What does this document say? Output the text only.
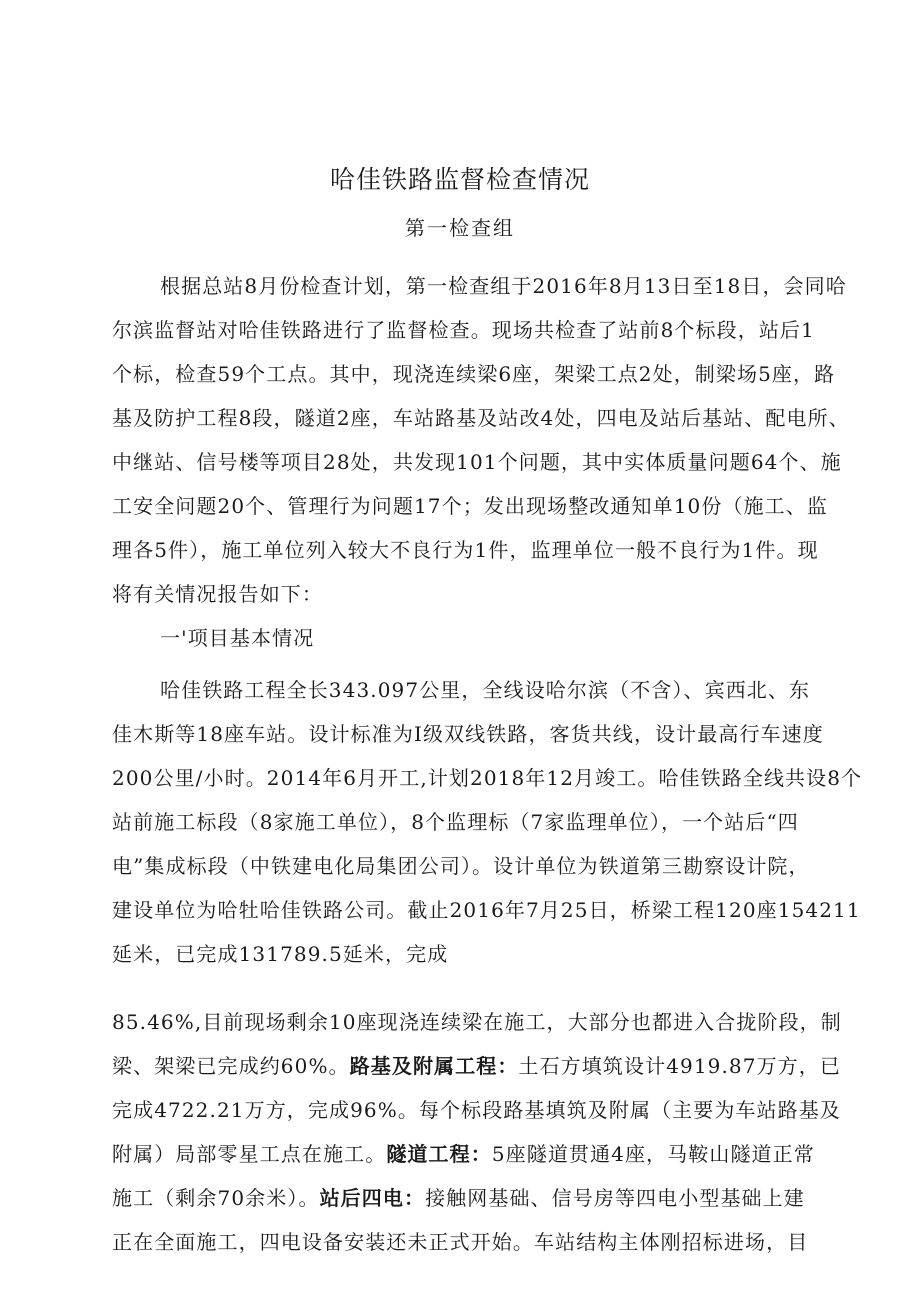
哈佳铁路监督检查情况
第一检查组
根据总站8月份检查计划，第一检查组于2016年8月13日至18日，会同哈
尔滨监督站对哈佳铁路进行了监督检查。现场共检查了站前8个标段，站后1
个标，检查59个工点。其中，现浇连续梁6座，架梁工点2处，制梁场5座，路
基及防护工程8段，隧道2座，车站路基及站改4处，四电及站后基站、配电所、
中继站、信号楼等项目28处，共发现101个问题，其中实体质量问题64个、施
工安全问题20个、管理行为问题17个；发出现场整改通知单10份（施工、监
理各5件），施工单位列入较大不良行为1件，监理单位一般不良行为1件。现
将有关情况报告如下：
一'项目基本情况
哈佳铁路工程全长343.097公里，全线设哈尔滨（不含）、宾西北、东
佳木斯等18座车站。设计标准为I级双线铁路，客货共线，设计最高行车速度
200公里/小时。2014年6月开工,计划2018年12月竣工。哈佳铁路全线共设8个
站前施工标段（8家施工单位），8个监理标（7家监理单位），一个站后“四
电”集成标段（中铁建电化局集团公司）。设计单位为铁道第三勘察设计院，
建设单位为哈牡哈佳铁路公司。截止2016年7月25日，桥梁工程120座154211
延米，已完成131789.5延米，完成
85.46%,目前现场剩余10座现浇连续梁在施工，大部分也都进入合拢阶段，制
梁、架梁已完成约60%。路基及附属工程：土石方填筑设计4919.87万方，已
完成4722.21万方，完成96%。每个标段路基填筑及附属（主要为车站路基及
附属）局部零星工点在施工。隧道工程：5座隧道贯通4座，马鞍山隧道正常
施工（剩余70余米）。站后四电：接触网基础、信号房等四电小型基础上建
正在全面施工，四电设备安装还未正式开始。车站结构主体刚招标进场，目
